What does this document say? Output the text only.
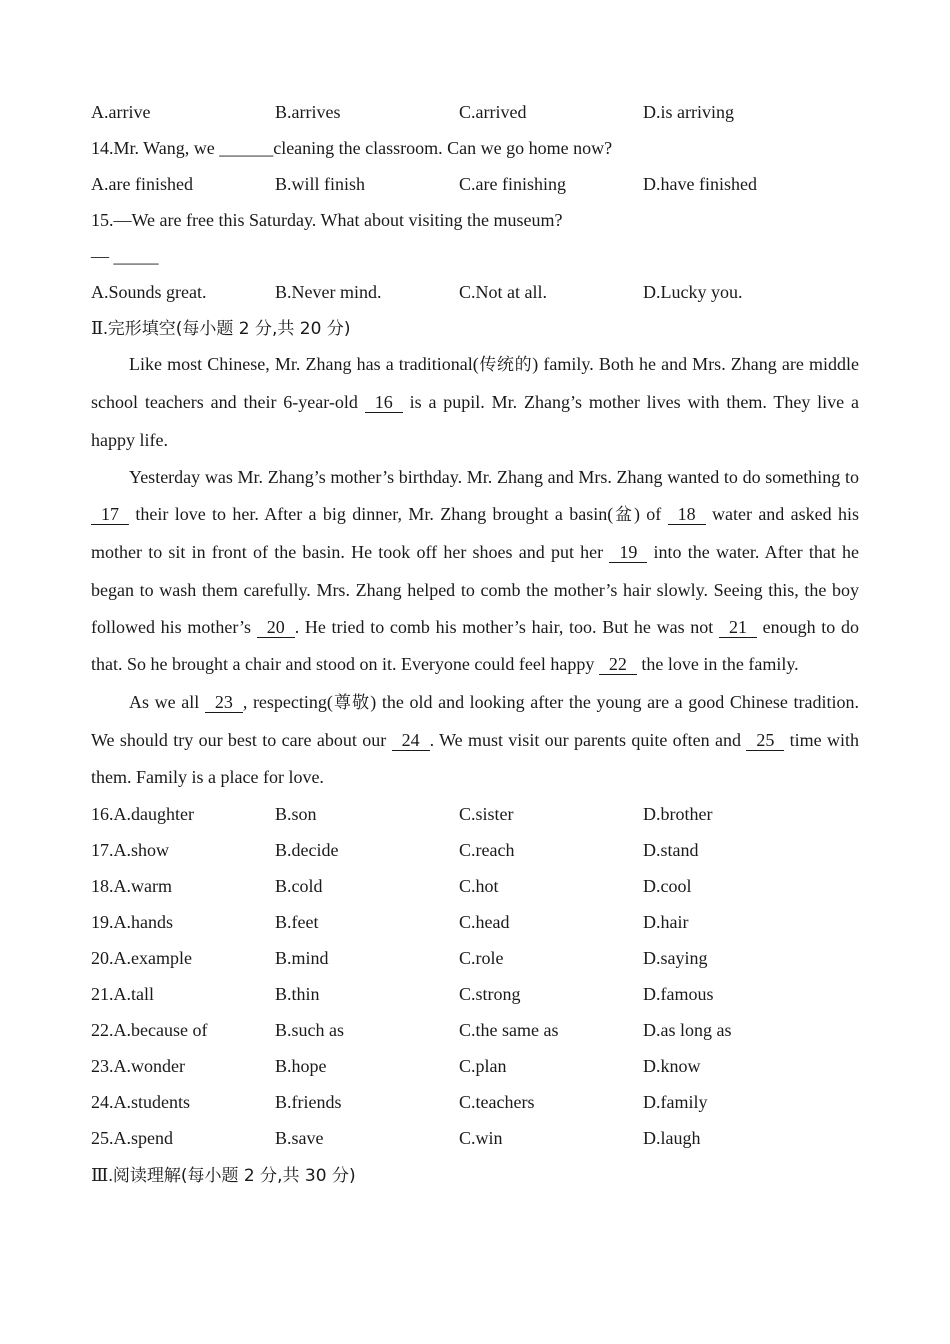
A.arrive	B.arrives	C.arrived	D.is arriving
14.Mr. Wang, we ______cleaning the classroom. Can we go home now?
A.are finished	B.will finish	C.are finishing	D.have finished
15.—We are free this Saturday. What about visiting the museum?
— _____
A.Sounds great.	B.Never mind.	C.Not at all.	D.Lucky you.
Ⅱ.完形填空(每小题 2 分,共 20 分)

Like most Chinese, Mr. Zhang has a traditional(传统的) family. Both he and Mrs. Zhang are middle school teachers and their 6-year-old 16 is a pupil. Mr. Zhang’s mother lives with them. They live a happy life.

Yesterday was Mr. Zhang’s mother’s birthday. Mr. Zhang and Mrs. Zhang wanted to do something to 17 their love to her. After a big dinner, Mr. Zhang brought a basin(盆) of 18 water and asked his mother to sit in front of the basin. He took off her shoes and put her 19 into the water. After that he began to wash them carefully. Mrs. Zhang helped to comb the mother’s hair slowly. Seeing this, the boy followed his mother’s 20 . He tried to comb his mother’s hair, too. But he was not 21 enough to do that. So he brought a chair and stood on it. Everyone could feel happy 22 the love in the family.

As we all 23 , respecting(尊敬) the old and looking after the young are a good Chinese tradition. We should try our best to care about our 24 . We must visit our parents quite often and 25 time with them. Family is a place for love.

16.A.daughter	B.son	C.sister	D.brother
17.A.show	B.decide	C.reach	D.stand
18.A.warm	B.cold	C.hot	D.cool
19.A.hands	B.feet	C.head	D.hair
20.A.example	B.mind	C.role	D.saying
21.A.tall	B.thin	C.strong	D.famous
22.A.because of	B.such as	C.the same as	D.as long as
23.A.wonder	B.hope	C.plan	D.know
24.A.students	B.friends	C.teachers	D.family
25.A.spend	B.save	C.win	D.laugh
Ⅲ.阅读理解(每小题 2 分,共 30 分)
